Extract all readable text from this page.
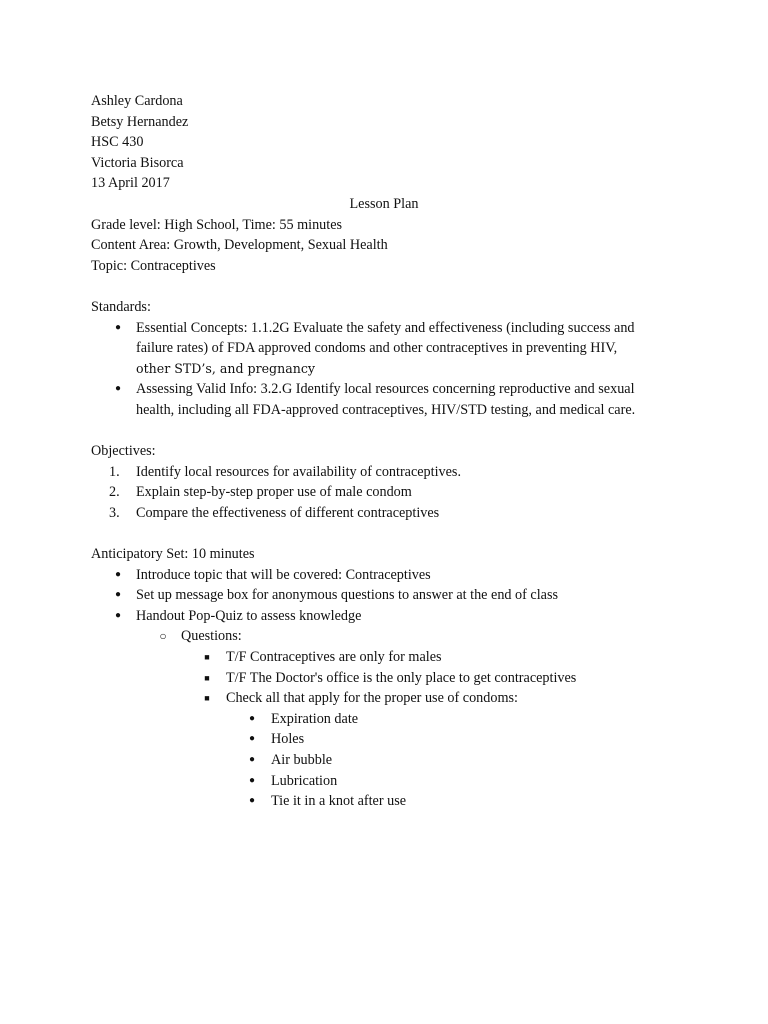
Ashley Cardona
Betsy Hernandez
HSC 430
Victoria Bisorca
13 April 2017
Lesson Plan
Grade level: High School, Time: 55 minutes
Content Area: Growth, Development, Sexual Health
Topic: Contraceptives
Standards:
● Essential Concepts: 1.1.2G Evaluate the safety and effectiveness (including success and
failure rates) of FDA approved condoms and other contraceptives in preventing HIV,
other STD’s, and pregnancy
● Assessing Valid Info: 3.2.G Identify local resources concerning reproductive and sexual
health, including all FDA-approved contraceptives, HIV/STD testing, and medical care.
Objectives:
1. Identify local resources for availability of contraceptives.
2. Explain step-by-step proper use of male condom
3. Compare the effectiveness of different contraceptives
Anticipatory Set: 10 minutes
● Introduce topic that will be covered: Contraceptives
● Set up message box for anonymous questions to answer at the end of class
● Handout Pop-Quiz to assess knowledge
○ Questions:
■	T/F Contraceptives are only for males
■	T/F The Doctor's office is the only place to get contraceptives
■	Check all that apply for the proper use of condoms:
● Expiration date
● Holes
● Air bubble
● Lubrication
● Tie it in a knot after use
